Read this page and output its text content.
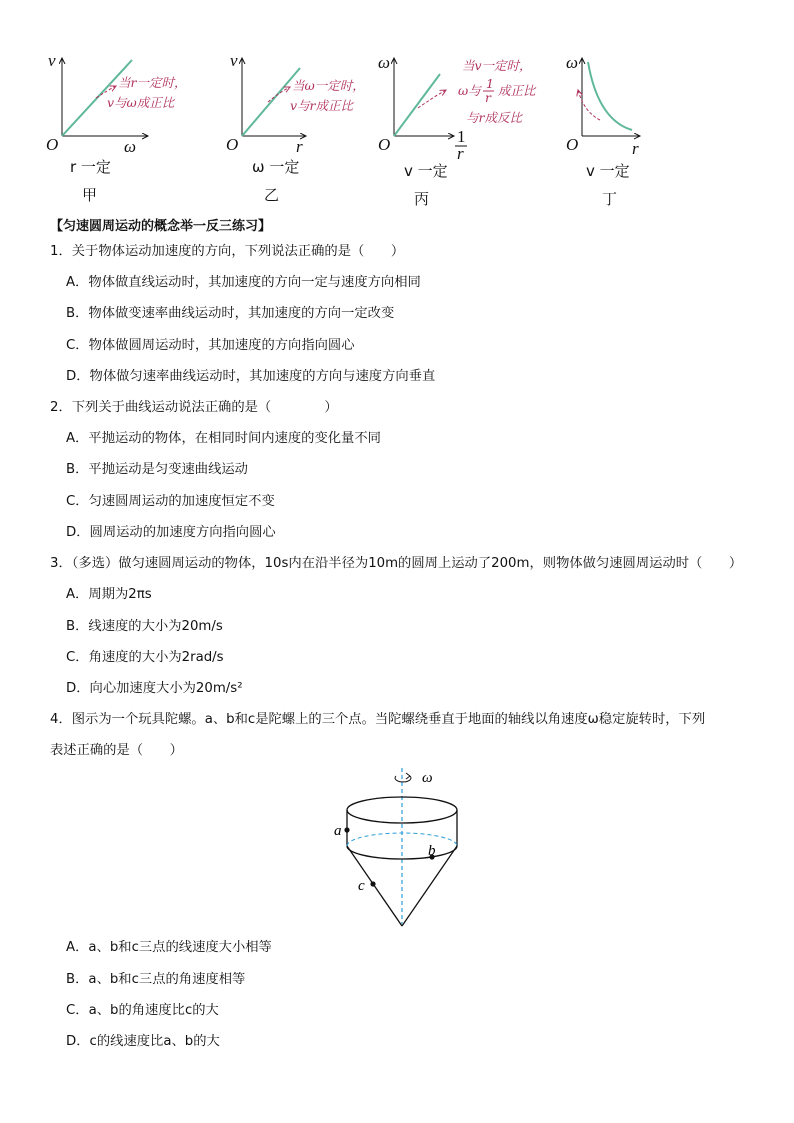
v
O	ω
当r一定时，
v与ω成正比
r 一定
甲
v
O	r
当ω一定时，
v与r成正比
ω 一定
乙
ω
O	1
r
当v一定时，
ω与 1
r 成正比
与r成反比
v 一定
丙
ω
O	r
v 一定
丁
【匀速圆周运动的概念举一反三练习】
1．关于物体运动加速度的方向，下列说法正确的是（　　）
A．物体做直线运动时，其加速度的方向一定与速度方向相同
B．物体做变速率曲线运动时，其加速度的方向一定改变
C．物体做圆周运动时，其加速度的方向指向圆心
D．物体做匀速率曲线运动时，其加速度的方向与速度方向垂直
2．下列关于曲线运动说法正确的是（　　　　）
A．平抛运动的物体，在相同时间内速度的变化量不同
B．平抛运动是匀变速曲线运动
C．匀速圆周运动的加速度恒定不变
D．圆周运动的加速度方向指向圆心
3．（多选）做匀速圆周运动的物体，10s内在沿半径为10m的圆周上运动了200m，则物体做匀速圆周运动时（　　）
A．周期为2πs
B．线速度的大小为20m/s
C．角速度的大小为2rad/s
D．向心加速度大小为20m/s²
4．图示为一个玩具陀螺。a、b和c是陀螺上的三个点。当陀螺绕垂直于地面的轴线以角速度ω稳定旋转时，下列
表述正确的是（　　）
ω
a
b
c
A．a、b和c三点的线速度大小相等
B．a、b和c三点的角速度相等
C．a、b的角速度比c的大
D．c的线速度比a、b的大
